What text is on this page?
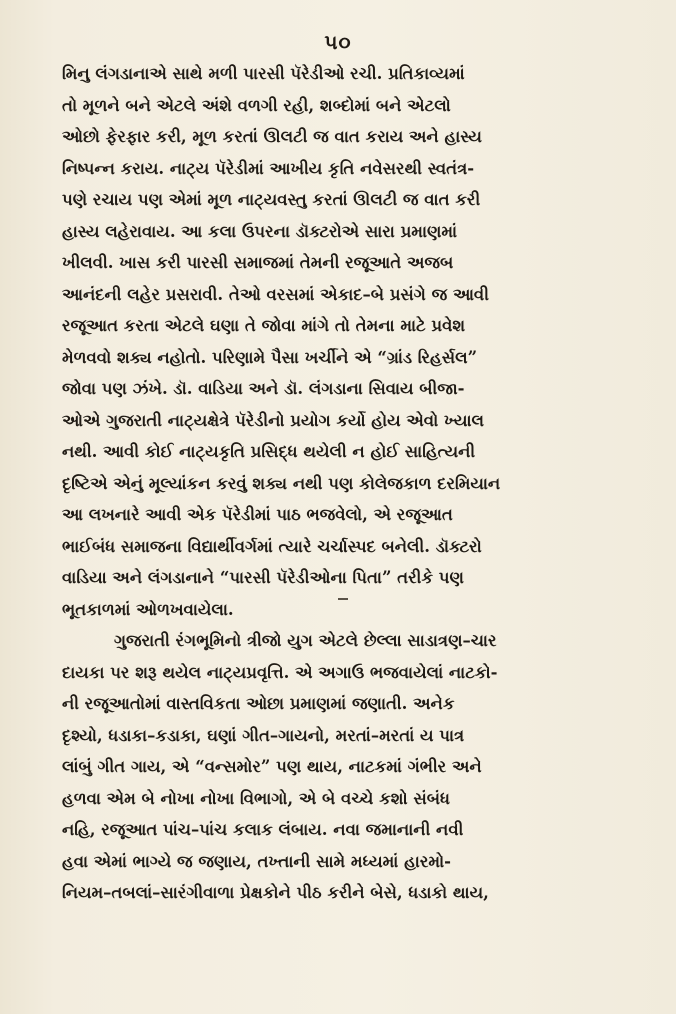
૫૦

મિનુ લંગડાનાએ સાથે મળી પારસી પૅરેડીઓ રચી. પ્રતિકાવ્યમાં
તો મૂળને બને એટલે અંશે વળગી રહી, શબ્દોમાં બને એટલો
ઓછો ફેરફાર કરી, મૂળ કરતાં ઊલટી જ વાત કરાય અને હાસ્ય
નિષ્પન્ન કરાય. નાટ્ય પૅરેડીમાં આખીય કૃતિ નવેસરથી સ્વતંત્ર-
પણે રચાય પણ એમાં મૂળ નાટ્યવસ્તુ કરતાં ઊલટી જ વાત કરી
હાસ્ય લહેરાવાય. આ કલા ઉપરના ડૉક્ટરોએ સારા પ્રમાણમાં
ખીલવી. ખાસ કરી પારસી સમાજમાં તેમની રજૂઆતે અજબ
આનંદની લહેર પ્રસરાવી. તેઓ વરસમાં એકાદ–બે પ્રસંગે જ આવી
રજૂઆત કરતા એટલે ઘણા તે જોવા માંગે તો તેમના માટે પ્રવેશ
મેળવવો શક્ય નહોતો. પરિણામે પૈસા ખર્ચીને એ “ગ્રાંડ રિહર્સલ”
જોવા પણ ઝંખે. ડૉ. વાડિયા અને ડૉ. લંગડાના સિવાય બીજા-
ઓએ ગુજરાતી નાટ્યક્ષેત્રે પૅરેડીનો પ્રયોગ કર્યો હોય એવો ખ્યાલ
નથી. આવી કોઈ નાટ્યકૃતિ પ્રસિદ્ધ થયેલી ન હોઈ સાહિત્યની
દૃષ્ટિએ એનું મૂલ્યાંકન કરવું શક્ય નથી પણ કોલેજકાળ દરમિયાન
આ લખનારે આવી એક પૅરેડીમાં પાઠ ભજવેલો, એ રજૂઆત
ભાઈબંધ સમાજના વિદ્યાર્થીવર્ગમાં ત્યારે ચર્ચાસ્પદ બનેલી. ડૉક્ટરો
વાડિયા અને લંગડાનાને “પારસી પૅરેડીઓના પિતા” તરીકે પણ
ભૂતકાળમાં ઓળખવાયેલા.

ગુજરાતી રંગભૂમિનો ત્રીજો યુગ એટલે છેલ્લા સાડાત્રણ–ચાર
દાયકા પર શરૂ થયેલ નાટ્યપ્રવૃત્તિ. એ અગાઉ ભજવાયેલાં નાટકો-
ની રજૂઆતોમાં વાસ્તવિકતા ઓછા પ્રમાણમાં જણાતી. અનેક
દૃશ્યો, ધડાકા–કડાકા, ઘણાં ગીત–ગાયનો, મરતાં–મરતાં ય પાત્ર
લાંબું ગીત ગાય, એ “વન્સમોર” પણ થાય, નાટકમાં ગંભીર અને
હળવા એમ બે નોખા નોખા વિભાગો, એ બે વચ્ચે કશો સંબંધ
નહિ, રજૂઆત પાંચ–પાંચ કલાક લંબાય. નવા જમાનાની નવી
હવા એમાં ભાગ્યે જ જણાય, તખ્તાની સામે મધ્યમાં હારમો-
નિયમ–તબલાં–સારંગીવાળા પ્રેક્ષકોને પીઠ કરીને બેસે, ધડાકો થાય,
